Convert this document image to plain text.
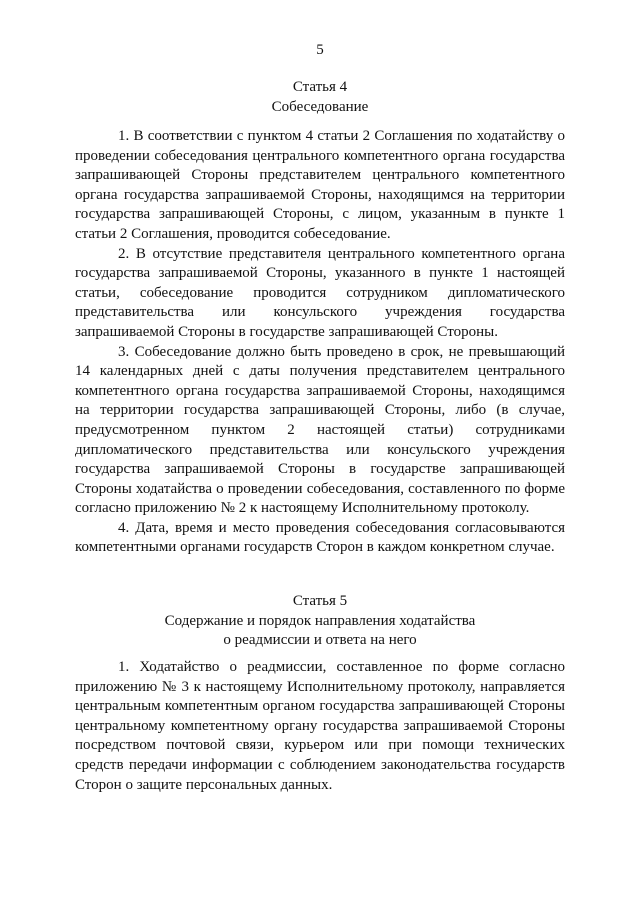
5
Статья 4
Собеседование

1. В соответствии с пунктом 4 статьи 2 Соглашения по ходатайству о проведении собеседования центрального компетентного органа государства запрашивающей Стороны представителем центрального компетентного органа государства запрашиваемой Стороны, находящимся на территории государства запрашивающей Стороны, с лицом, указанным в пункте 1 статьи 2 Соглашения, проводится собеседование.

2. В отсутствие представителя центрального компетентного органа государства запрашиваемой Стороны, указанного в пункте 1 настоящей статьи, собеседование проводится сотрудником дипломатического представительства или консульского учреждения государства запрашиваемой Стороны в государстве запрашивающей Стороны.

3. Собеседование должно быть проведено в срок, не превышающий 14 календарных дней с даты получения представителем центрального компетентного органа государства запрашиваемой Стороны, находящимся на территории государства запрашивающей Стороны, либо (в случае, предусмотренном пунктом 2 настоящей статьи) сотрудниками дипломатического представительства или консульского учреждения государства запрашиваемой Стороны в государстве запрашивающей Стороны ходатайства о проведении собеседования, составленного по форме согласно приложению № 2 к настоящему Исполнительному протоколу.

4. Дата, время и место проведения собеседования согласовываются компетентными органами государств Сторон в каждом конкретном случае.

Статья 5
Содержание и порядок направления ходатайства
о реадмиссии и ответа на него

1. Ходатайство о реадмиссии, составленное по форме согласно приложению № 3 к настоящему Исполнительному протоколу, направляется центральным компетентным органом государства запрашивающей Стороны центральному компетентному органу государства запрашиваемой Стороны посредством почтовой связи, курьером или при помощи технических средств передачи информации с соблюдением законодательства государств Сторон о защите персональных данных.
